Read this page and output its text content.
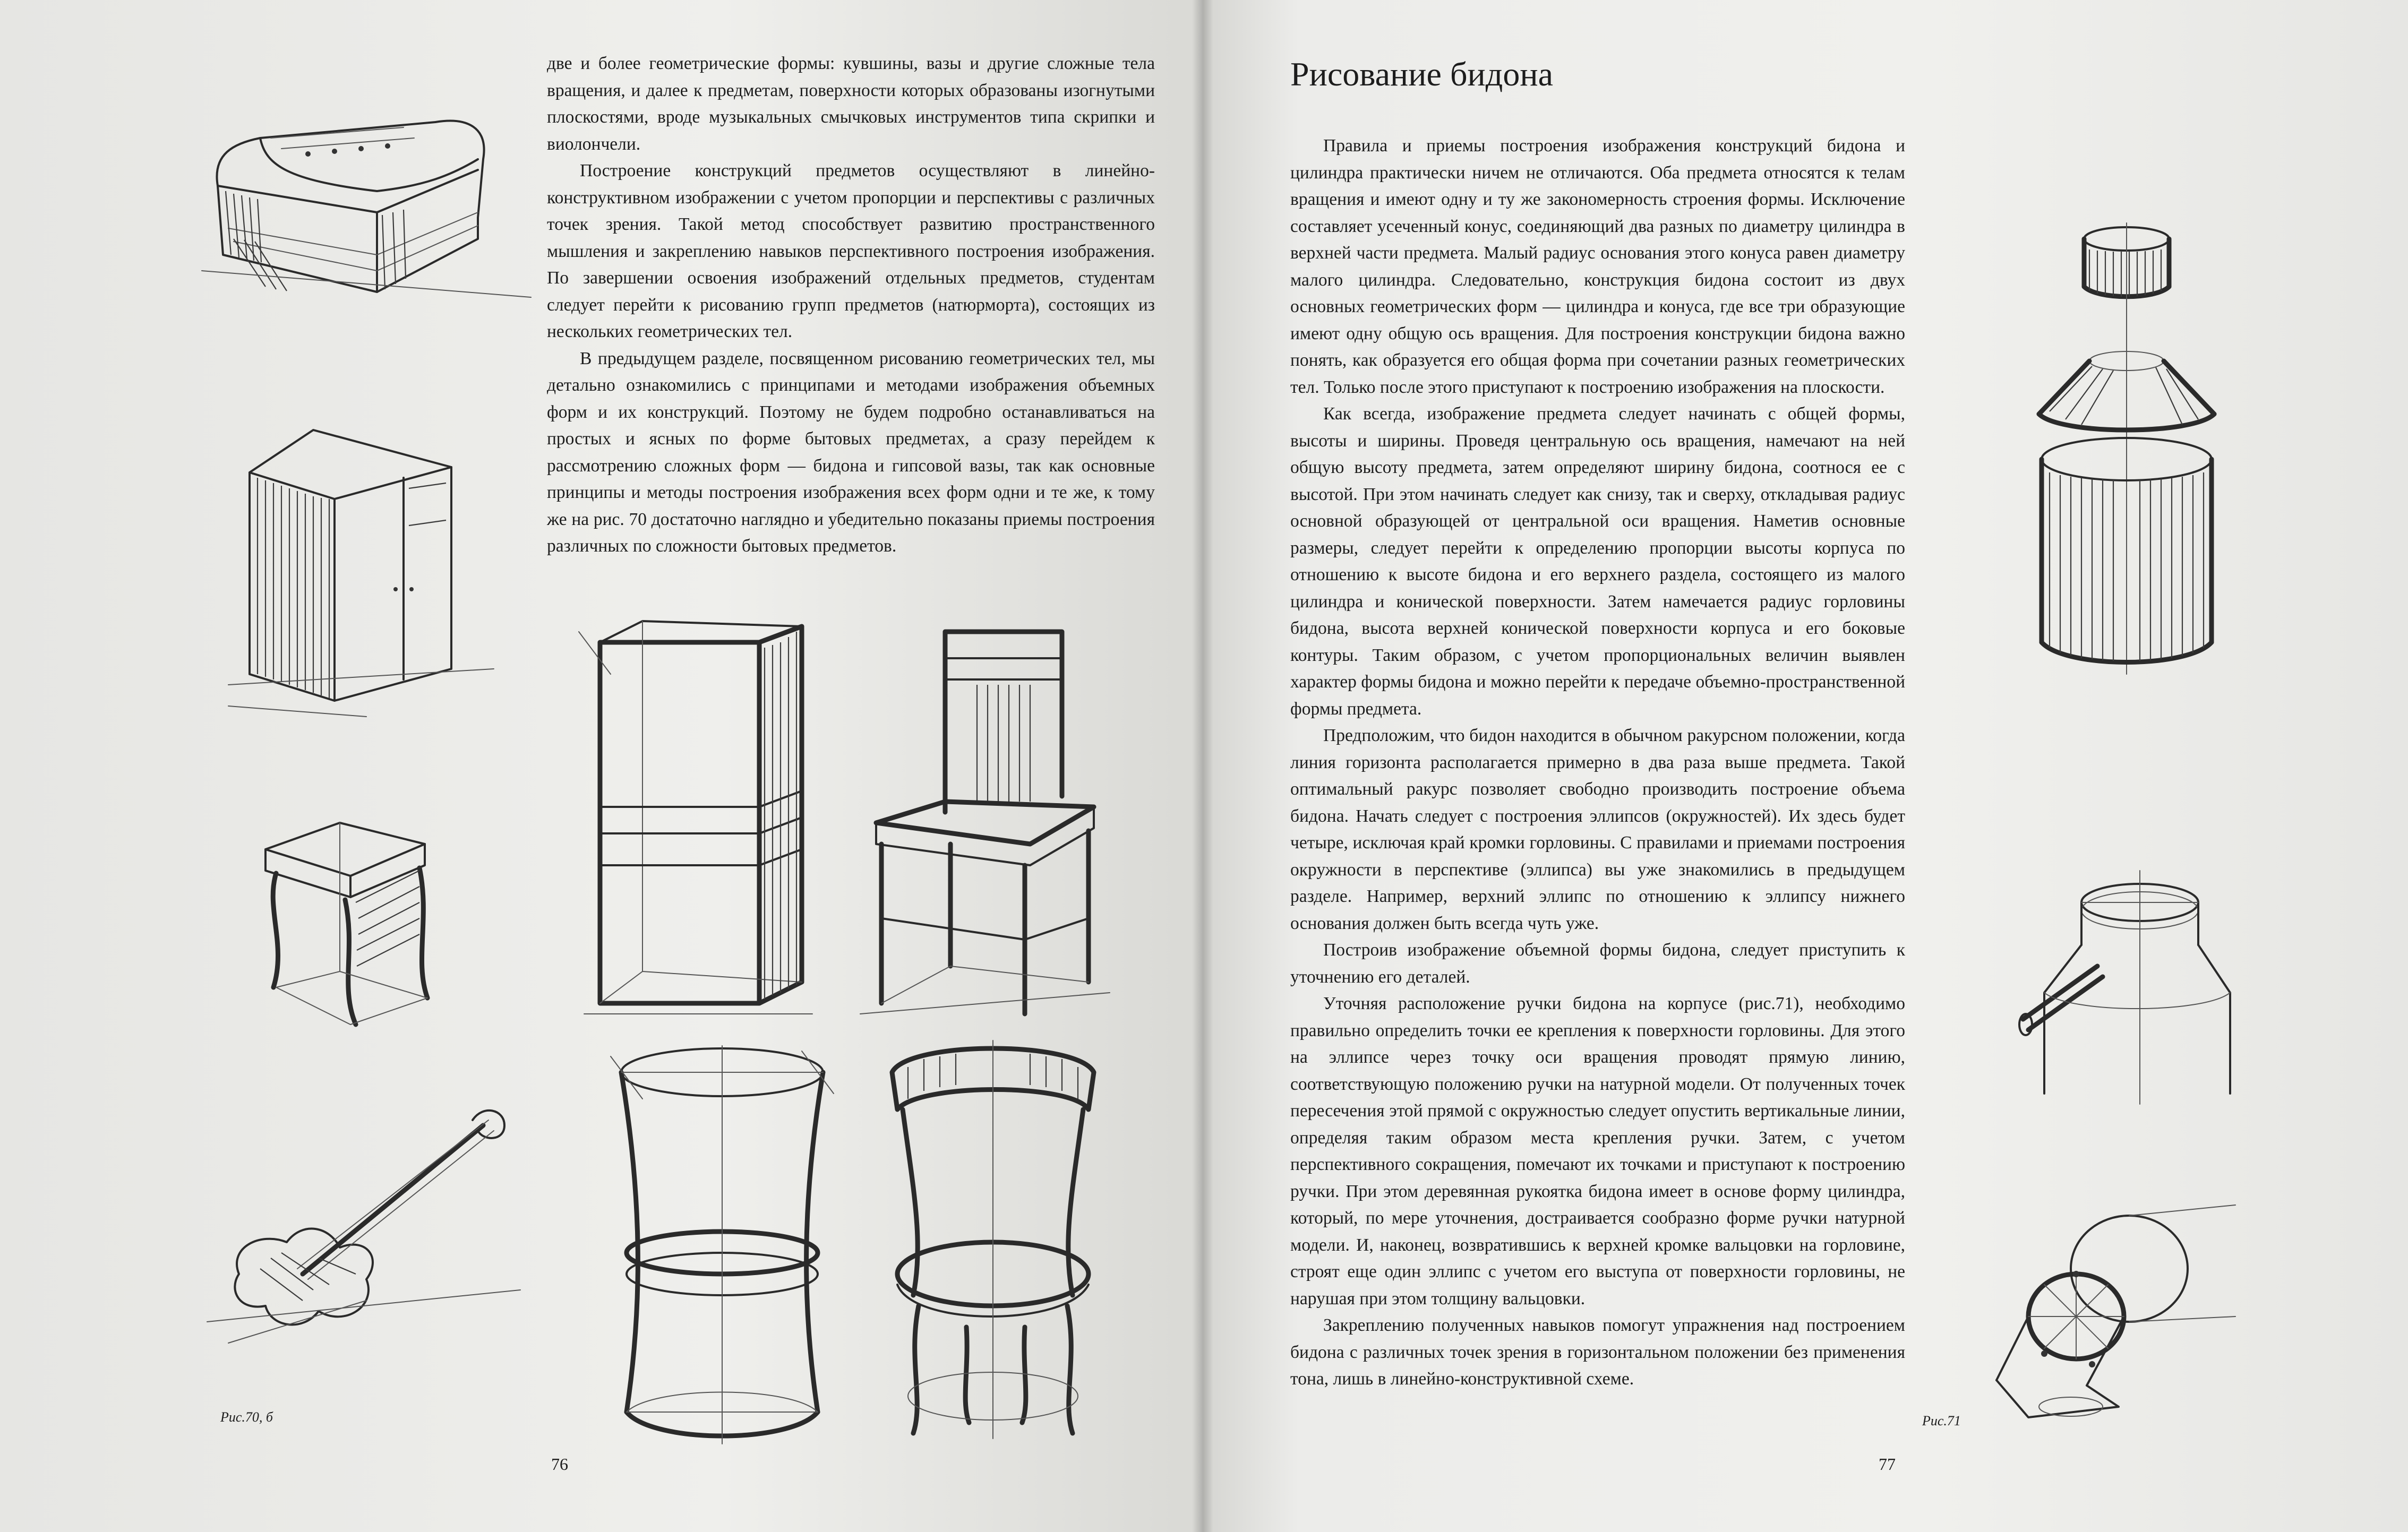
Рис.70, б

две и более геометрические формы: кувшины, вазы и другие сложные тела вращения, и далее к предметам, поверхности которых образованы изогнутыми плоскостями, вроде музыкальных смычковых инструментов типа скрипки и виолончели.

Построение конструкций предметов осуществляют в линейно-конструктивном изображении с учетом пропорции и перспективы с различных точек зрения. Такой метод способствует развитию пространственного мышления и закреплению навыков перспективного построения изображения. По завершении освоения изображений отдельных предметов, студентам следует перейти к рисованию групп предметов (натюрморта), состоящих из нескольких геометрических тел.

В предыдущем разделе, посвященном рисованию геометрических тел, мы детально ознакомились с принципами и методами изображения объемных форм и их конструкций. Поэтому не будем подробно останавливаться на простых и ясных по форме бытовых предметах, а сразу перейдем к рассмотрению сложных форм — бидона и гипсовой вазы, так как основные принципы и методы построения изображения всех форм одни и те же, к тому же на рис. 70 достаточно наглядно и убедительно показаны приемы построения различных по сложности бытовых предметов.

76
Рисование бидона

Правила и приемы построения изображения конструкций бидона и цилиндра практически ничем не отличаются. Оба предмета относятся к телам вращения и имеют одну и ту же закономерность строения формы. Исключение составляет усеченный конус, соединяющий два разных по диаметру цилиндра в верхней части предмета. Малый радиус основания этого конуса равен диаметру малого цилиндра. Следовательно, конструкция бидона состоит из двух основных геометрических форм — цилиндра и конуса, где все три образующие имеют одну общую ось вращения. Для построения конструкции бидона важно понять, как образуется его общая форма при сочетании разных геометрических тел. Только после этого приступают к построению изображения на плоскости.

Как всегда, изображение предмета следует начинать с общей формы, высоты и ширины. Проведя центральную ось вращения, намечают на ней общую высоту предмета, затем определяют ширину бидона, соотнося ее с высотой. При этом начинать следует как снизу, так и сверху, откладывая радиус основной образующей от центральной оси вращения. Наметив основные размеры, следует перейти к определению пропорции высоты корпуса по отношению к высоте бидона и его верхнего раздела, состоящего из малого цилиндра и конической поверхности. Затем намечается радиус горловины бидона, высота верхней конической поверхности корпуса и его боковые контуры. Таким образом, с учетом пропорциональных величин выявлен характер формы бидона и можно перейти к передаче объемно-пространственной формы предмета.

Предположим, что бидон находится в обычном ракурсном положении, когда линия горизонта располагается примерно в два раза выше предмета. Такой оптимальный ракурс позволяет свободно производить построение объема бидона. Начать следует с построения эллипсов (окружностей). Их здесь будет четыре, исключая край кромки горловины. С правилами и приемами построения окружности в перспективе (эллипса) вы уже знакомились в предыдущем разделе. Например, верхний эллипс по отношению к эллипсу нижнего основания должен быть всегда чуть уже.

Построив изображение объемной формы бидона, следует приступить к уточнению его деталей.

Уточняя расположение ручки бидона на корпусе (рис.71), необходимо правильно определить точки ее крепления к поверхности горловины. Для этого на эллипсе через точку оси вращения проводят прямую линию, соответствующую положению ручки на натурной модели. От полученных точек пересечения этой прямой с окружностью следует опустить вертикальные линии, определяя таким образом места крепления ручки. Затем, с учетом перспективного сокращения, помечают их точками и приступают к построению ручки. При этом деревянная рукоятка бидона имеет в основе форму цилиндра, который, по мере уточнения, достраивается сообразно форме ручки натурной модели. И, наконец, возвратившись к верхней кромке вальцовки на горловине, строят еще один эллипс с учетом его выступа от поверхности горловины, не нарушая при этом толщину вальцовки.

Закреплению полученных навыков помогут упражнения над построением бидона с различных точек зрения в горизонтальном положении без применения тона, лишь в линейно-конструктивной схеме.

Рис.71
77
